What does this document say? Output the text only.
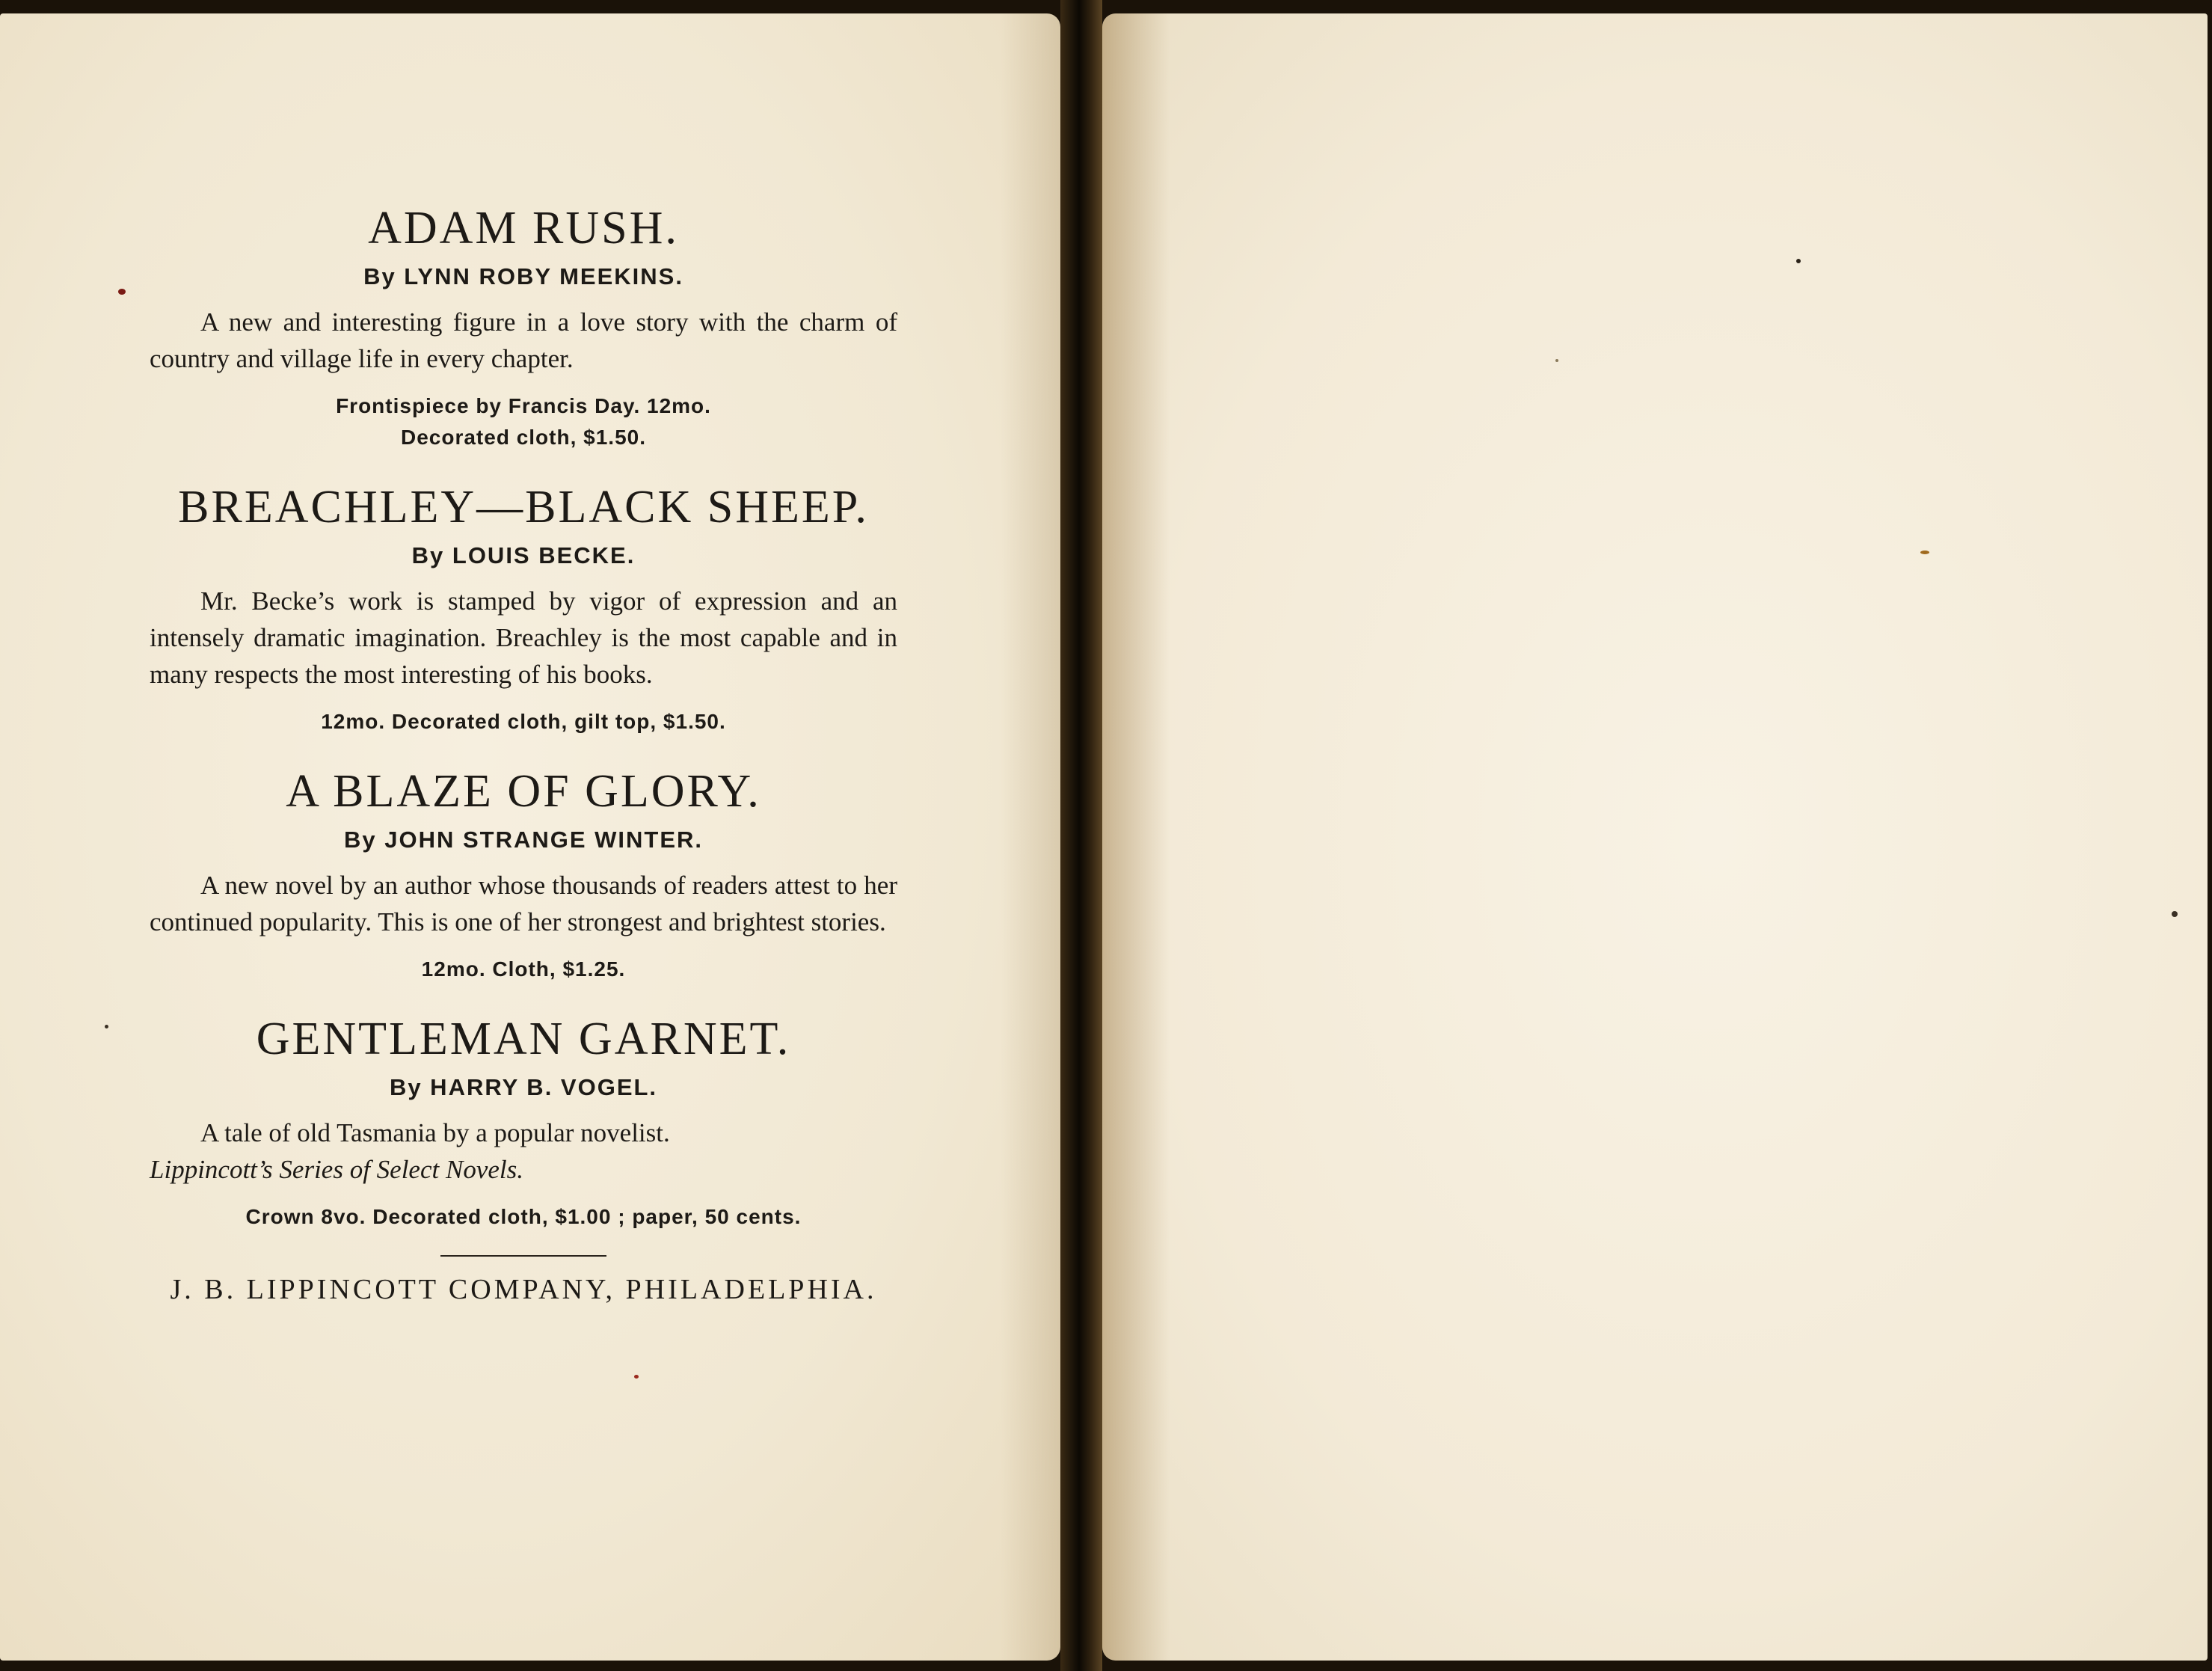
ADAM RUSH.
By LYNN ROBY MEEKINS.

A new and interesting figure in a love story with the charm of country and village life in every chapter.

Frontispiece by Francis Day. 12mo.
Decorated cloth, $1.50.
BREACHLEY—BLACK SHEEP.
By LOUIS BECKE.

Mr. Becke’s work is stamped by vigor of expression and an intensely dramatic imagination. Breachley is the most capable and in many respects the most interesting of his books.

12mo. Decorated cloth, gilt top, $1.50.
A BLAZE OF GLORY.
By JOHN STRANGE WINTER.

A new novel by an author whose thousands of readers attest to her continued popularity. This is one of her strongest and brightest stories.

12mo. Cloth, $1.25.
GENTLEMAN GARNET.
By HARRY B. VOGEL.

A tale of old Tasmania by a popular novelist.

Lippincott’s Series of Select Novels.

Crown 8vo. Decorated cloth, $1.00 ; paper, 50 cents.

J. B. LIPPINCOTT COMPANY, PHILADELPHIA.
